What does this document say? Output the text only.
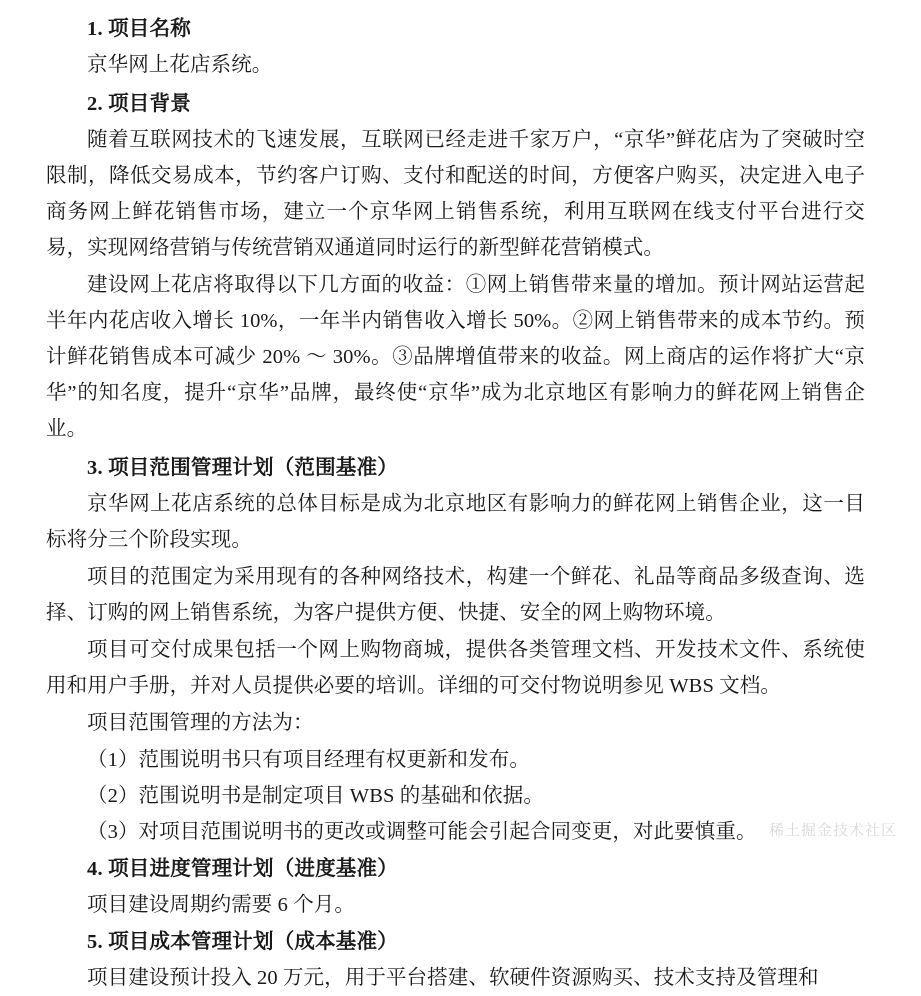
1. 项目名称
京华网上花店系统。
2. 项目背景
随着互联网技术的飞速发展，互联网已经走进千家万户，“京华”鲜花店为了突破时空限制，降低交易成本，节约客户订购、支付和配送的时间，方便客户购买，决定进入电子商务网上鲜花销售市场，建立一个京华网上销售系统，利用互联网在线支付平台进行交易，实现网络营销与传统营销双通道同时运行的新型鲜花营销模式。
建设网上花店将取得以下几方面的收益：①网上销售带来量的增加。预计网站运营起半年内花店收入增长 10%，一年半内销售收入增长 50%。②网上销售带来的成本节约。预计鲜花销售成本可减少 20% ～ 30%。③品牌增值带来的收益。网上商店的运作将扩大“京华”的知名度，提升“京华”品牌，最终使“京华”成为北京地区有影响力的鲜花网上销售企业。
3. 项目范围管理计划（范围基准）
京华网上花店系统的总体目标是成为北京地区有影响力的鲜花网上销售企业，这一目标将分三个阶段实现。
项目的范围定为采用现有的各种网络技术，构建一个鲜花、礼品等商品多级查询、选择、订购的网上销售系统，为客户提供方便、快捷、安全的网上购物环境。
项目可交付成果包括一个网上购物商城，提供各类管理文档、开发技术文件、系统使用和用户手册，并对人员提供必要的培训。详细的可交付物说明参见 WBS 文档。
项目范围管理的方法为：
（1）范围说明书只有项目经理有权更新和发布。
（2）范围说明书是制定项目 WBS 的基础和依据。
（3）对项目范围说明书的更改或调整可能会引起合同变更，对此要慎重。
4. 项目进度管理计划（进度基准）
项目建设周期约需要 6 个月。
5. 项目成本管理计划（成本基准）
项目建设预计投入 20 万元，用于平台搭建、软硬件资源购买、技术支持及管理和
稀土掘金技术社区
